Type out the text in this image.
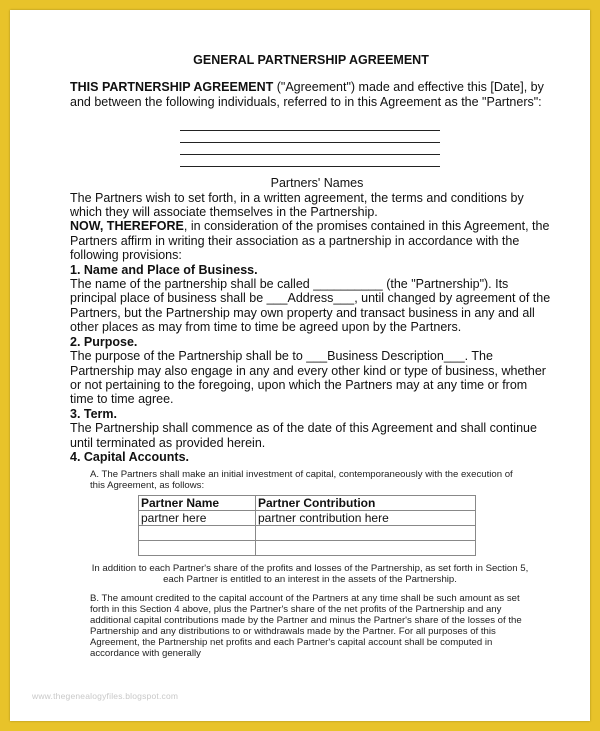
GENERAL PARTNERSHIP AGREEMENT
THIS PARTNERSHIP AGREEMENT ("Agreement") made and effective this [Date], by and between the following individuals, referred to in this Agreement as the "Partners":
Partners' Names
The Partners wish to set forth, in a written agreement, the terms and conditions by which they will associate themselves in the Partnership.
NOW, THEREFORE, in consideration of the promises contained in this Agreement, the Partners affirm in writing their association as a partnership in accordance with the following provisions:
1. Name and Place of Business.
The name of the partnership shall be called __________ (the "Partnership"). Its principal place of business shall be ___Address___, until changed by agreement of the Partners, but the Partnership may own property and transact business in any and all other places as may from time to time be agreed upon by the Partners.
2. Purpose.
The purpose of the Partnership shall be to ___Business Description___. The Partnership may also engage in any and every other kind or type of business, whether or not pertaining to the foregoing, upon which the Partners may at any time or from time to time agree.
3. Term.
The Partnership shall commence as of the date of this Agreement and shall continue until terminated as provided herein.
4. Capital Accounts.
A. The Partners shall make an initial investment of capital, contemporaneously with the execution of this Agreement, as follows:
Partner Name	Partner Contribution
partner here	partner contribution here

In addition to each Partner's share of the profits and losses of the Partnership, as set forth in Section 5, each Partner is entitled to an interest in the assets of the Partnership.
B. The amount credited to the capital account of the Partners at any time shall be such amount as set forth in this Section 4 above, plus the Partner's share of the net profits of the Partnership and any additional capital contributions made by the Partner and minus the Partner's share of the losses of the Partnership and any distributions to or withdrawals made by the Partner. For all purposes of this Agreement, the Partnership net profits and each Partner's capital account shall be computed in accordance with generally
www.thegenealogyfiles.blogspot.com
